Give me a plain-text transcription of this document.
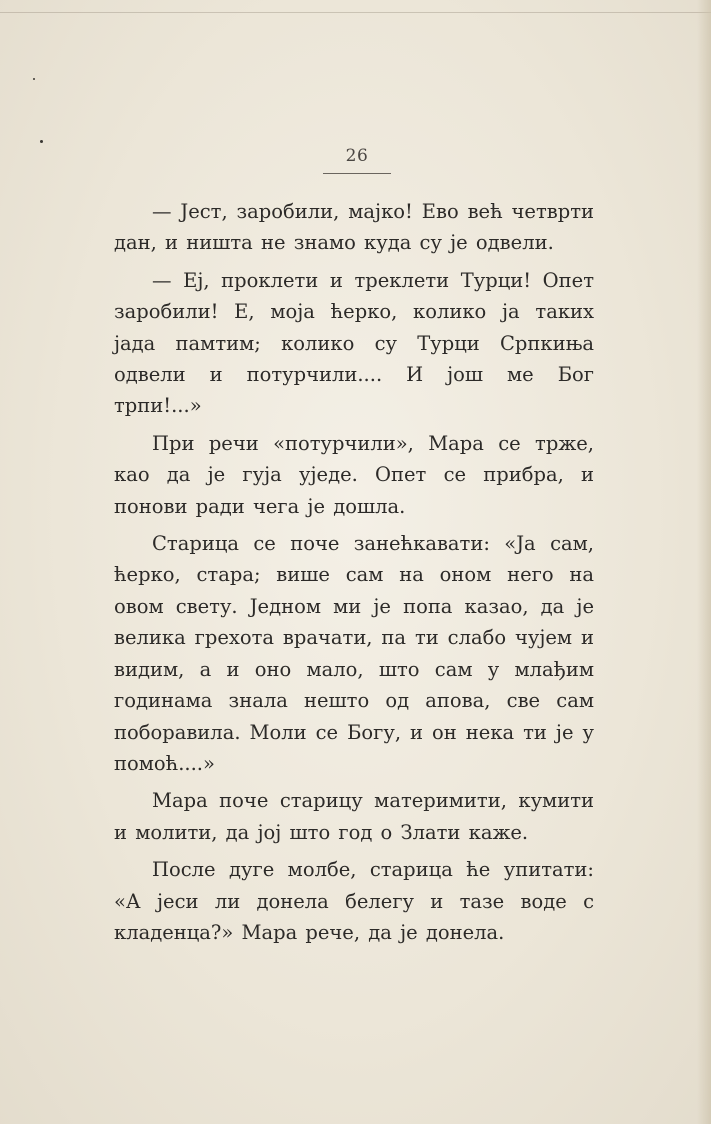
26

— Јест, заробили, мајко! Ево већ четврти дан, и ништа не знамо куда су је одвели.

— Еј, проклети и треклети Турци! Опет заробили! Е, моја ћерко, колико ја таких јада памтим; колико су Турци Српкиња одвели и потурчили.... И још ме Бог трпи!...»

При речи «потурчили», Мара се трже, као да је гуја уједе. Опет се прибра, и понови ради чега је дошла.

Старица се поче занећкавати: «Ја сам, ћерко, стара; више сам на оном него на овом свету. Једном ми је попа казао, да је велика грехота врачати, па ти слабо чујем и видим, а и оно мало, што сам у млађим годинама знала нешто од апова, све сам поборавила. Моли се Богу, и он нека ти је у помоћ....»

Мара поче старицу материмити, кумити и молити, да јој што год о Злати каже.

После дуге молбе, старица ће упитати: «А јеси ли донела белегу и тазе воде с кладенца?» Мара рече, да је донела.
